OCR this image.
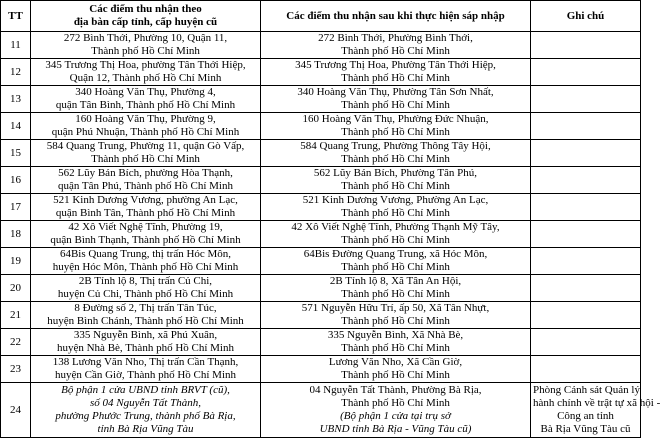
TT	Các điểm thu nhận theo
địa bàn cấp tỉnh, cấp huyện cũ	Các điểm thu nhận sau khi thực hiện sáp nhập	Ghi chú
11	272 Bình Thới, Phường 10, Quận 11,
Thành phố Hồ Chí Minh	272 Bình Thới, Phường Bình Thới,
Thành phố Hồ Chí Minh	

12	345 Trương Thị Hoa, phường Tân Thới Hiệp,
Quận 12, Thành phố Hồ Chí Minh	345 Trương Thị Hoa, Phường Tân Thới Hiệp,
Thành phố Hồ Chí Minh	

13	340 Hoàng Văn Thụ, Phường 4,
quận Tân Bình, Thành phố Hồ Chí Minh	340 Hoàng Văn Thụ, Phường Tân Sơn Nhất,
Thành phố Hồ Chí Minh	

14	160 Hoàng Văn Thụ, Phường 9,
quận Phú Nhuận, Thành phố Hồ Chí Minh	160 Hoàng Văn Thụ, Phường Đức Nhuận,
Thành phố Hồ Chí Minh	

15	584 Quang Trung, Phường 11, quận Gò Vấp,
Thành phố Hồ Chí Minh	584 Quang Trung, Phường Thông Tây Hội,
Thành phố Hồ Chí Minh	

16	562 Lũy Bán Bích, phường Hòa Thạnh,
quận Tân Phú, Thành phố Hồ Chí Minh	562 Lũy Bán Bích, Phường Tân Phú,
Thành phố Hồ Chí Minh	

17	521 Kinh Dương Vương, phường An Lạc,
quận Bình Tân, Thành phố Hồ Chí Minh	521 Kinh Dương Vương, Phường An Lạc,
Thành phố Hồ Chí Minh	

18	42 Xô Viết Nghệ Tĩnh, Phường 19,
quận Bình Thạnh, Thành phố Hồ Chí Minh	42 Xô Viết Nghệ Tĩnh, Phường Thạnh Mỹ Tây,
Thành phố Hồ Chí Minh	

19	64Bis Quang Trung, thị trấn Hóc Môn,
huyện Hóc Môn, Thành phố Hồ Chí Minh	64Bis Đường Quang Trung, xã Hóc Môn,
Thành phố Hồ Chí Minh	

20	2B Tỉnh lộ 8, Thị trấn Củ Chi,
huyện Củ Chi, Thành phố Hồ Chí Minh	2B Tỉnh lộ 8, Xã Tân An Hội,
Thành phố Hồ Chí Minh	

21	8 Đường số 2, Thị trấn Tân Túc,
huyện Bình Chánh, Thành phố Hồ Chí Minh	571 Nguyễn Hữu Trí, ấp 50, Xã Tân Nhựt,
Thành phố Hồ Chí Minh	

22	335 Nguyễn Bình, xã Phú Xuân,
huyện Nhà Bè, Thành phố Hồ Chí Minh	335 Nguyễn Bình, Xã Nhà Bè,
Thành phố Hồ Chí Minh	

23	138 Lương Văn Nho, Thị trấn Cần Thạnh,
huyện Cần Giờ, Thành phố Hồ Chí Minh	Lương Văn Nho, Xã Cần Giờ,
Thành phố Hồ Chí Minh	

24	Bộ phận 1 cửa UBND tỉnh BRVT (cũ),
số 04 Nguyễn Tất Thành,
phường Phước Trung, thành phố Bà Rịa,
tỉnh Bà Rịa Vũng Tàu	04 Nguyễn Tất Thành, Phường Bà Rịa,
Thành phố Hồ Chí Minh
(Bộ phận 1 cửa tại trụ sở
UBND tỉnh Bà Rịa - Vũng Tàu cũ)	Phòng Cảnh sát Quản lý
hành chính về trật tự xã hội -
Công an tỉnh
Bà Rịa Vũng Tàu cũ
